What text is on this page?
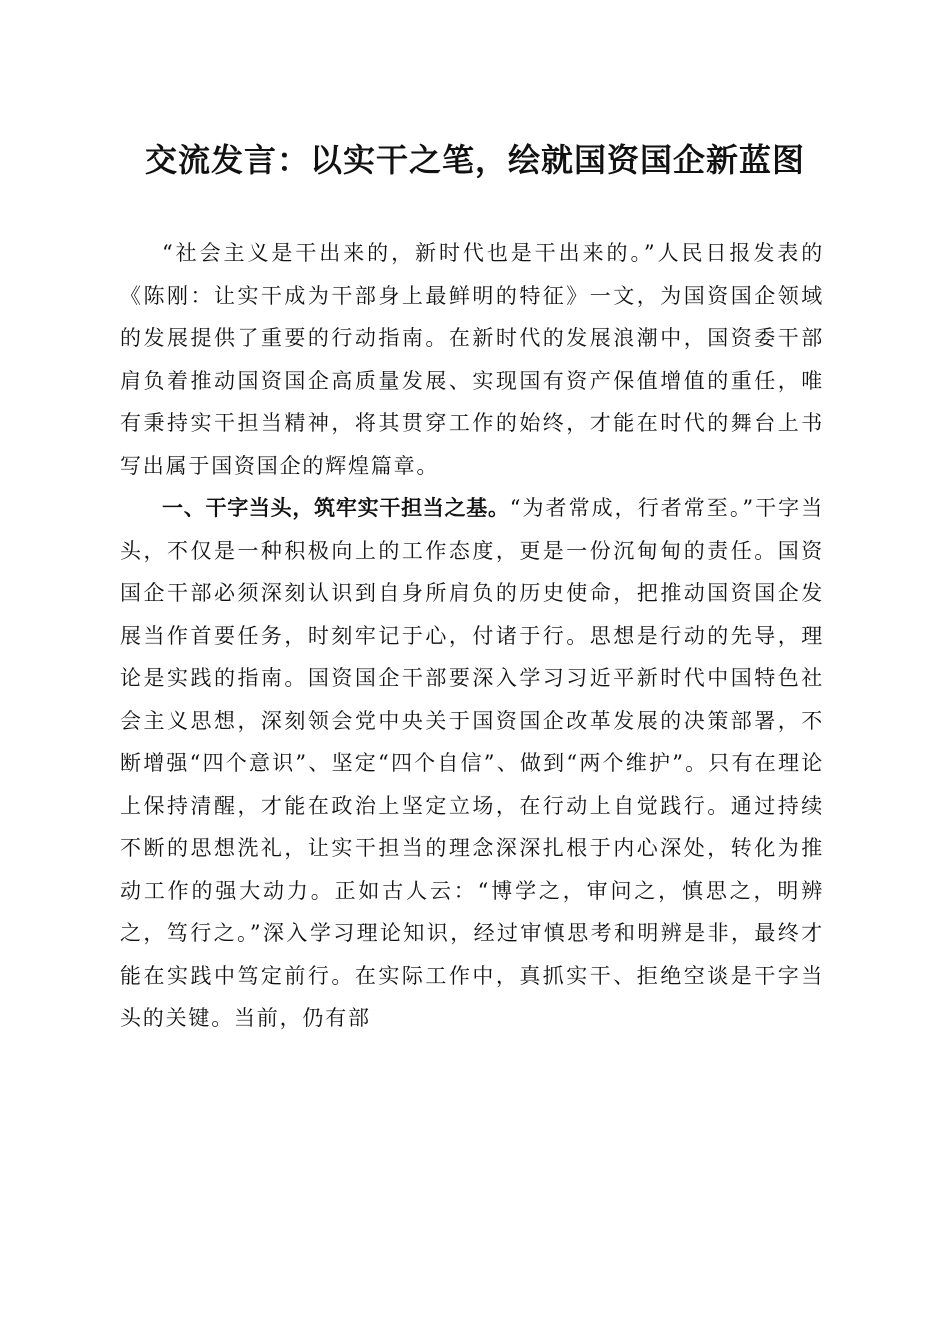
交流发言：以实干之笔，绘就国资国企新蓝图

“社会主义是干出来的，新时代也是干出来的。”人民日报发表的《陈刚：让实干成为干部身上最鲜明的特征》一文，为国资国企领域的发展提供了重要的行动指南。在新时代的发展浪潮中，国资委干部肩负着推动国资国企高质量发展、实现国有资产保值增值的重任，唯有秉持实干担当精神，将其贯穿工作的始终，才能在时代的舞台上书写出属于国资国企的辉煌篇章。

一、干字当头，筑牢实干担当之基。“为者常成，行者常至。”干字当头，不仅是一种积极向上的工作态度，更是一份沉甸甸的责任。国资国企干部必须深刻认识到自身所肩负的历史使命，把推动国资国企发展当作首要任务，时刻牢记于心，付诸于行。思想是行动的先导，理论是实践的指南。国资国企干部要深入学习习近平新时代中国特色社会主义思想，深刻领会党中央关于国资国企改革发展的决策部署，不断增强“四个意识”、坚定“四个自信”、做到“两个维护”。只有在理论上保持清醒，才能在政治上坚定立场，在行动上自觉践行。通过持续不断的思想洗礼，让实干担当的理念深深扎根于内心深处，转化为推动工作的强大动力。正如古人云：“博学之，审问之，慎思之，明辨之，笃行之。”深入学习理论知识，经过审慎思考和明辨是非，最终才能在实践中笃定前行。在实际工作中，真抓实干、拒绝空谈是干字当头的关键。当前，仍有部
